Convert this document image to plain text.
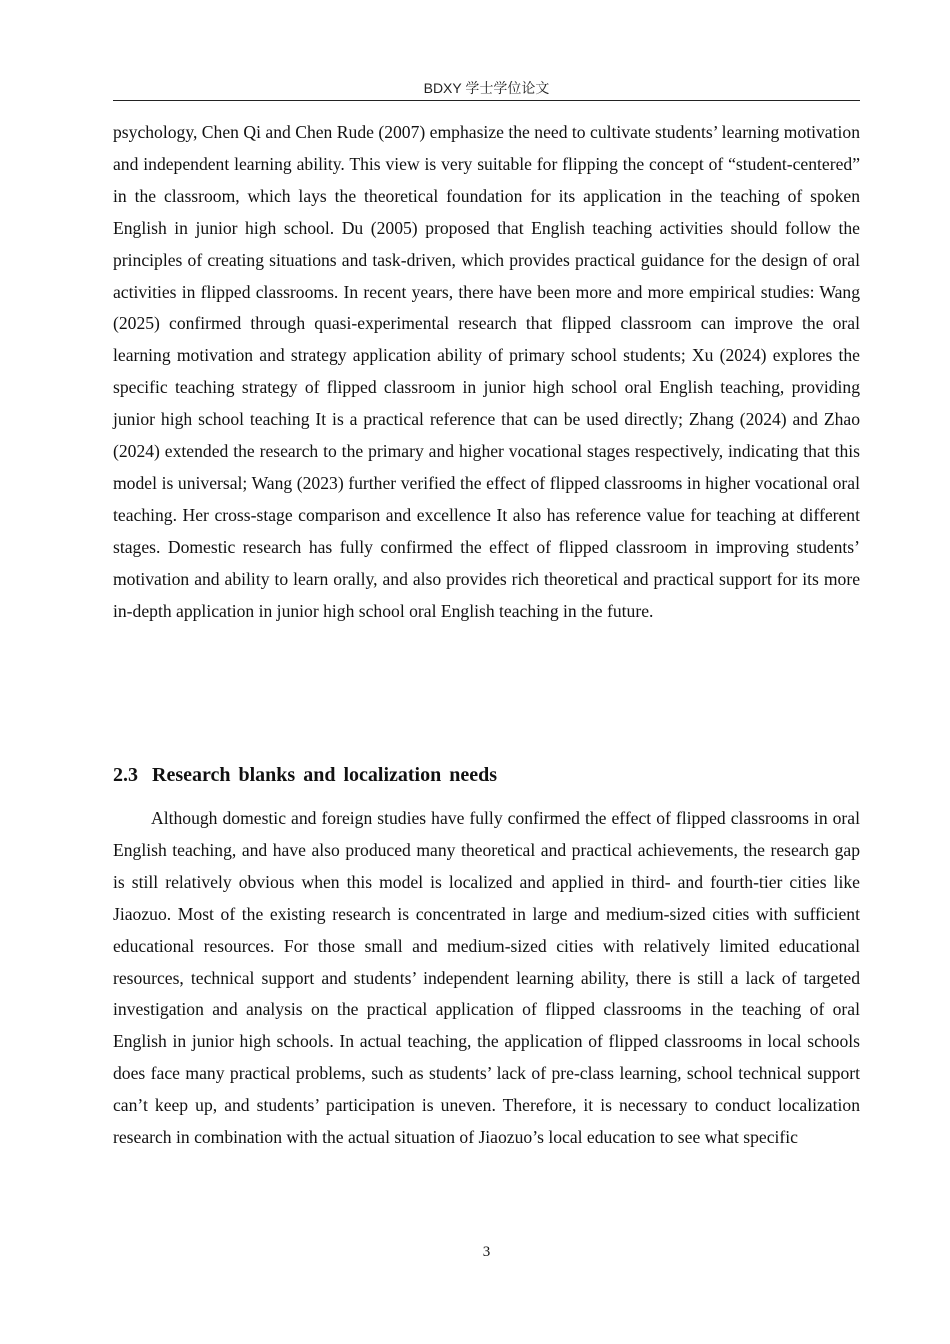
BDXY 学士学位论文

psychology, Chen Qi and Chen Rude (2007) emphasize the need to cultivate students’ learning motivation and independent learning ability. This view is very suitable for flipping the concept of “student-centered” in the classroom, which lays the theoretical foundation for its application in the teaching of spoken English in junior high school. Du (2005) proposed that English teaching activities should follow the principles of creating situations and task-driven, which provides practical guidance for the design of oral activities in flipped classrooms. In recent years, there have been more and more empirical studies: Wang (2025) confirmed through quasi-experimental research that flipped classroom can improve the oral learning motivation and strategy application ability of primary school students; Xu (2024) explores the specific teaching strategy of flipped classroom in junior high school oral English teaching, providing junior high school teaching It is a practical reference that can be used directly; Zhang (2024) and Zhao (2024) extended the research to the primary and higher vocational stages respectively, indicating that this model is universal; Wang (2023) further verified the effect of flipped classrooms in higher vocational oral teaching. Her cross-stage comparison and excellence It also has reference value for teaching at different stages. Domestic research has fully confirmed the effect of flipped classroom in improving students’ motivation and ability to learn orally, and also provides rich theoretical and practical support for its more in-depth application in junior high school oral English teaching in the future.

2.3 Research blanks and localization needs

Although domestic and foreign studies have fully confirmed the effect of flipped classrooms in oral English teaching, and have also produced many theoretical and practical achievements, the research gap is still relatively obvious when this model is localized and applied in third- and fourth-tier cities like Jiaozuo. Most of the existing research is concentrated in large and medium-sized cities with sufficient educational resources. For those small and medium-sized cities with relatively limited educational resources, technical support and students’ independent learning ability, there is still a lack of targeted investigation and analysis on the practical application of flipped classrooms in the teaching of oral English in junior high schools. In actual teaching, the application of flipped classrooms in local schools does face many practical problems, such as students’ lack of pre-class learning, school technical support can’t keep up, and students’ participation is uneven. Therefore, it is necessary to conduct localization research in combination with the actual situation of Jiaozuo’s local education to see what specific

3
